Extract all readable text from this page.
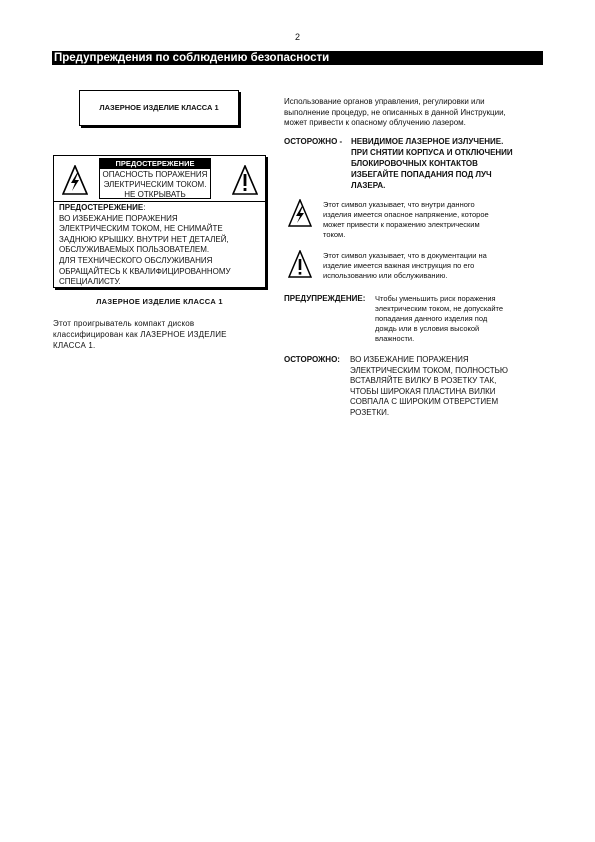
2
Предупреждения по соблюдению безопасности
ЛАЗЕРНОЕ ИЗДЕЛИЕ КЛАССА 1
ПРЕДОСТЕРЕЖЕНИЕ
ОПАСНОСТЬ ПОРАЖЕНИЯ
ЭЛЕКТРИЧЕСКИМ ТОКОМ.
НЕ ОТКРЫВАТЬ
ПРЕДОСТЕРЕЖЕНИЕ:
ВО ИЗБЕЖАНИЕ ПОРАЖЕНИЯ
ЭЛЕКТРИЧЕСКИМ ТОКОМ, НЕ СНИМАЙТЕ
ЗАДНЮЮ КРЫШКУ. ВНУТРИ НЕТ ДЕТАЛЕЙ,
ОБСЛУЖИВАЕМЫХ ПОЛЬЗОВАТЕЛЕМ.
ДЛЯ ТЕХНИЧЕСКОГО ОБСЛУЖИВАНИЯ
ОБРАЩАЙТЕСЬ К КВАЛИФИЦИРОВАННОМУ
СПЕЦИАЛИСТУ.
ЛАЗЕРНОЕ ИЗДЕЛИЕ КЛАССА 1
Этот проигрыватель компакт дисков
классифицирован как ЛАЗЕРНОЕ ИЗДЕЛИЕ
КЛАССА 1.
Использование органов управления, регулировки или
выполнение процедур, не описанных в данной Инструкции,
может привести к опасному облучению лазером.
ОСТОРОЖНО - НЕВИДИМОЕ ЛАЗЕРНОЕ ИЗЛУЧЕНИЕ.
ПРИ СНЯТИИ КОРПУСА И ОТКЛЮЧЕНИИ
БЛОКИРОВОЧНЫХ КОНТАКТОВ
ИЗБЕГАЙТЕ ПОПАДАНИЯ ПОД ЛУЧ
ЛАЗЕРА.
Этот символ указывает, что внутри данного
изделия имеется опасное напряжение, которое
может привести к поражению электрическим
током.
Этот символ указывает, что в документации на
изделие имеется важная инструкция по его
использованию или обслуживанию.
ПРЕДУПРЕЖДЕНИЕ: Чтобы уменьшить риск поражения
электрическим током, не допускайте
попадания данного изделия под
дождь или в условия высокой
влажности.
ОСТОРОЖНО: ВО ИЗБЕЖАНИЕ ПОРАЖЕНИЯ
ЭЛЕКТРИЧЕСКИМ ТОКОМ, ПОЛНОСТЬЮ
ВСТАВЛЯЙТЕ ВИЛКУ В РОЗЕТКУ ТАК,
ЧТОБЫ ШИРОКАЯ ПЛАСТИНА ВИЛКИ
СОВПАЛА С ШИРОКИМ ОТВЕРСТИЕМ
РОЗЕТКИ.
